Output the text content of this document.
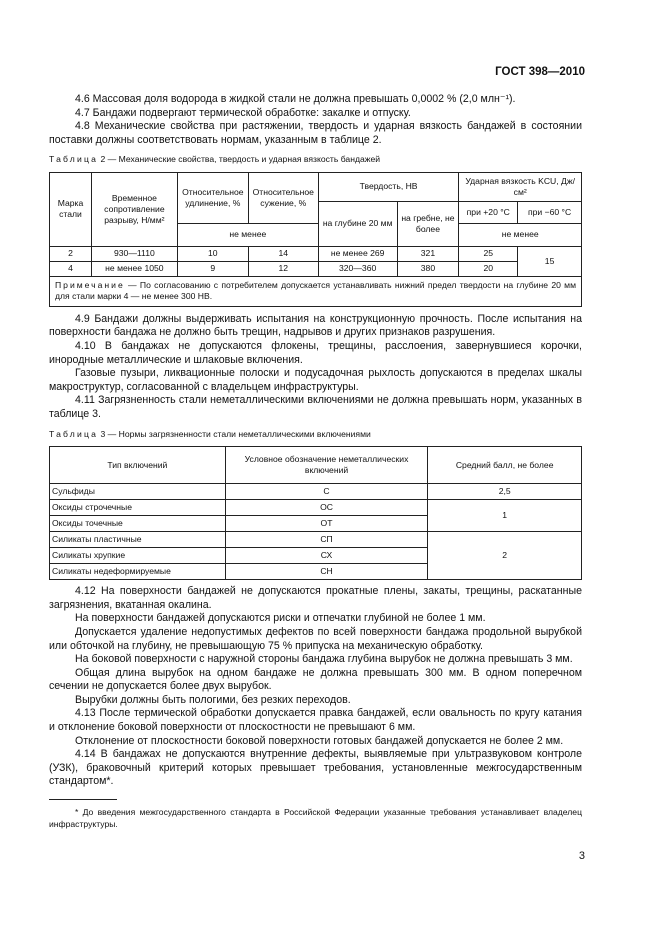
ГОСТ 398—2010

4.6 Массовая доля водорода в жидкой стали не должна превышать 0,0002 % (2,0 млн⁻¹).

4.7 Бандажи подвергают термической обработке: закалке и отпуску.

4.8 Механические свойства при растяжении, твердость и ударная вязкость бандажей в состоянии поставки должны соответствовать нормам, указанным в таблице 2.

Таблица 2 — Механические свойства, твердость и ударная вязкость бандажей
Марка стали	Временное сопротивление разрыву, Н/мм²	Относительное удлинение, %	Относительное сужение, %	Твердость, НВ		Ударная вязкость KCU, Дж/см²	
				на глубине 20 мм	на гребне, не более	при +20 °С	при −60 °С
		не менее				не менее	
2	930—1110	10	14	не менее 269	321	25	15
4	не менее 1050	9	12	320—360	380	20	
Примечание — По согласованию с потребителем допускается устанавливать нижний предел твердости на глубине 20 мм для стали марки 4 — не менее 300 НВ.							

4.9 Бандажи должны выдерживать испытания на конструкционную прочность. После испытания на поверхности бандажа не должно быть трещин, надрывов и других признаков разрушения.

4.10 В бандажах не допускаются флокены, трещины, расслоения, завернувшиеся корочки, инородные металлические и шлаковые включения.

Газовые пузыри, ликвационные полоски и подусадочная рыхлость допускаются в пределах шкалы макроструктур, согласованной с владельцем инфраструктуры.

4.11 Загрязненность стали неметаллическими включениями не должна превышать норм, указанных в таблице 3.

Таблица 3 — Нормы загрязненности стали неметаллическими включениями
Тип включений	Условное обозначение неметаллических включений	Средний балл, не более
Сульфиды	С	2,5
Оксиды строчечные	ОС	1
Оксиды точечные	ОТ	
Силикаты пластичные	СП	2
Силикаты хрупкие	СХ	
Силикаты недеформируемые	СН	

4.12 На поверхности бандажей не допускаются прокатные плены, закаты, трещины, раскатанные загрязнения, вкатанная окалина.

На поверхности бандажей допускаются риски и отпечатки глубиной не более 1 мм.

Допускается удаление недопустимых дефектов по всей поверхности бандажа продольной вырубкой или обточкой на глубину, не превышающую 75 % припуска на механическую обработку.

На боковой поверхности с наружной стороны бандажа глубина вырубок не должна превышать 3 мм.

Общая длина вырубок на одном бандаже не должна превышать 300 мм. В одном поперечном сечении не допускается более двух вырубок.

Вырубки должны быть пологими, без резких переходов.

4.13 После термической обработки допускается правка бандажей, если овальность по кругу катания и отклонение боковой поверхности от плоскостности не превышают 6 мм.

Отклонение от плоскостности боковой поверхности готовых бандажей допускается не более 2 мм.

4.14 В бандажах не допускаются внутренние дефекты, выявляемые при ультразвуковом контроле (УЗК), браковочный критерий которых превышает требования, установленные межгосударственным стандартом*.

* До введения межгосударственного стандарта в Российской Федерации указанные требования устанавливает владелец инфраструктуры.

3
